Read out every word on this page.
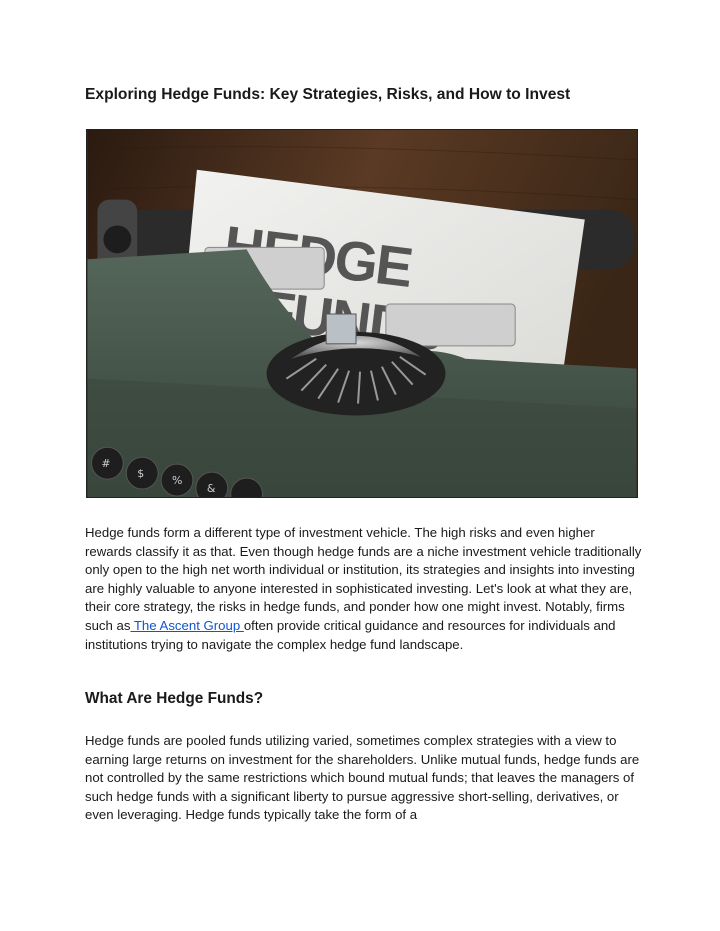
Exploring Hedge Funds: Key Strategies, Risks, and How to Invest
#
$
%
&

Hedge funds form a different type of investment vehicle. The high risks and even higher rewards classify it as that. Even though hedge funds are a niche investment vehicle traditionally only open to the high net worth individual or institution, its strategies and insights into investing are highly valuable to anyone interested in sophisticated investing. Let's look at what they are, their core strategy, the risks in hedge funds, and ponder how one might invest. Notably, firms such as The Ascent Group often provide critical guidance and resources for individuals and institutions trying to navigate the complex hedge fund landscape.

What Are Hedge Funds?

Hedge funds are pooled funds utilizing varied, sometimes complex strategies with a view to earning large returns on investment for the shareholders. Unlike mutual funds, hedge funds are not controlled by the same restrictions which bound mutual funds; that leaves the managers of such hedge funds with a significant liberty to pursue aggressive short-selling, derivatives, or even leveraging. Hedge funds typically take the form of a
